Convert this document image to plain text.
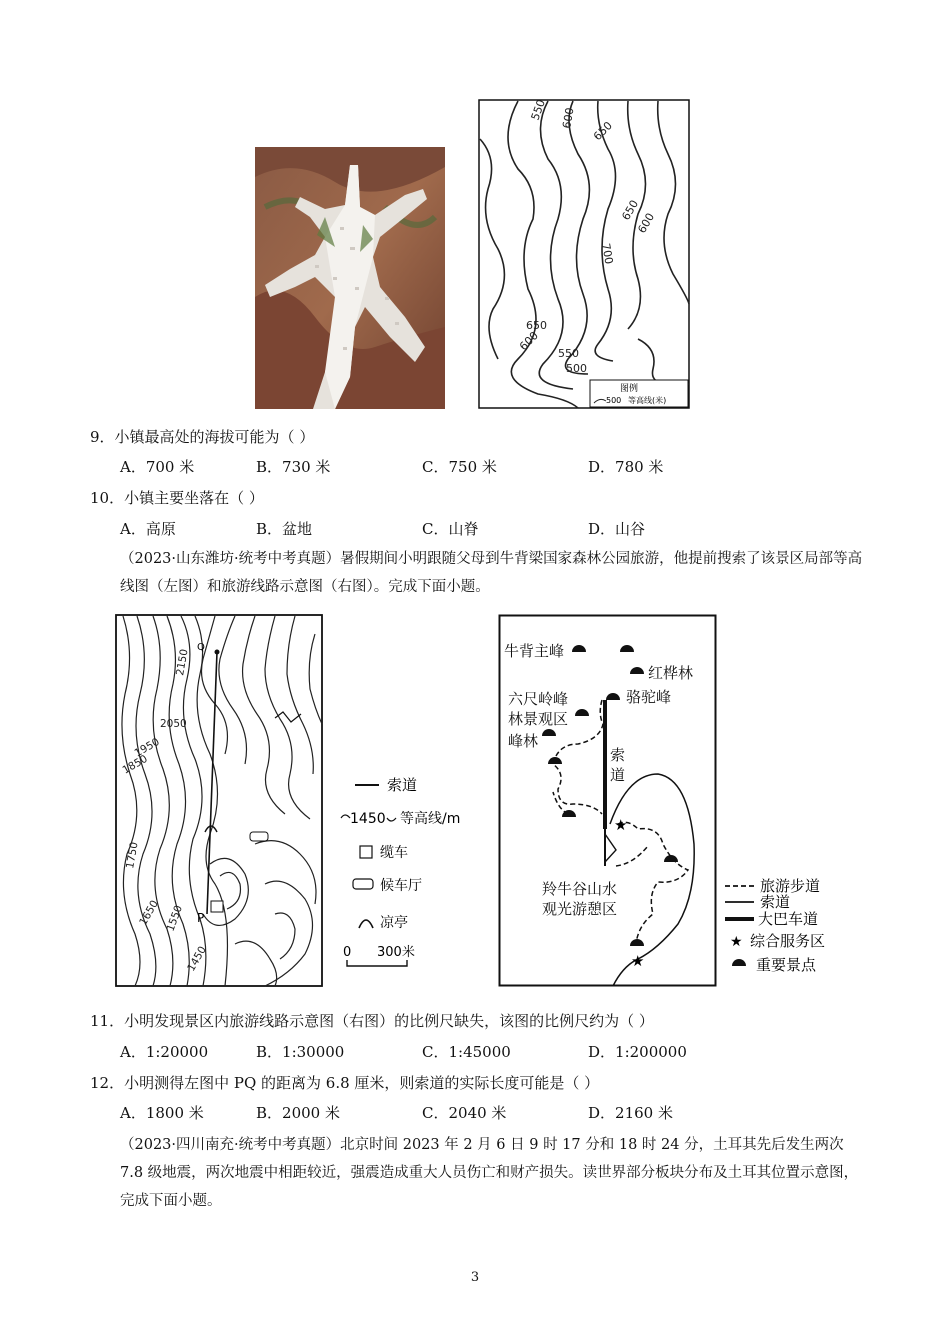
550 600
650
650
600
700
650
600
550
500
图例
500 等高线(米)
9．小镇最高处的海拔可能为（ ）
A．700 米	B．730 米	C．750 米	D．780 米
10．小镇主要坐落在（ ）
A．高原	B．盆地	C．山脊	D．山谷
（2023·山东潍坊·统考中考真题）暑假期间小明跟随父母到牛背梁国家森林公园旅游，他提前搜索了该景区局部等高线图（左图）和旅游线路示意图（右图）。完成下面小题。
Q
P
2150
2050
1950
1850
1750
1650 1550
1450
索道
1450 等高线/m
缆车
候车厅
凉亭
0 300米
★
★
牛背主峰
红桦林
骆驼峰
六尺岭峰
林景观区
峰林
索
道
羚牛谷山水
观光游憩区
旅游步道
索道
大巴车道
★ 综合服务区
重要景点
11．小明发现景区内旅游线路示意图（右图）的比例尺缺失，该图的比例尺约为（ ）
A．1:20000	B．1:30000	C．1:45000	D．1:200000
12．小明测得左图中 PQ 的距离为 6.8 厘米，则索道的实际长度可能是（ ）
A．1800 米	B．2000 米	C．2040 米	D．2160 米
（2023·四川南充·统考中考真题）北京时间 2023 年 2 月 6 日 9 时 17 分和 18 时 24 分，土耳其先后发生两次 7.8 级地震，两次地震中相距较近，强震造成重大人员伤亡和财产损失。读世界部分板块分布及土耳其位置示意图，完成下面小题。
3
